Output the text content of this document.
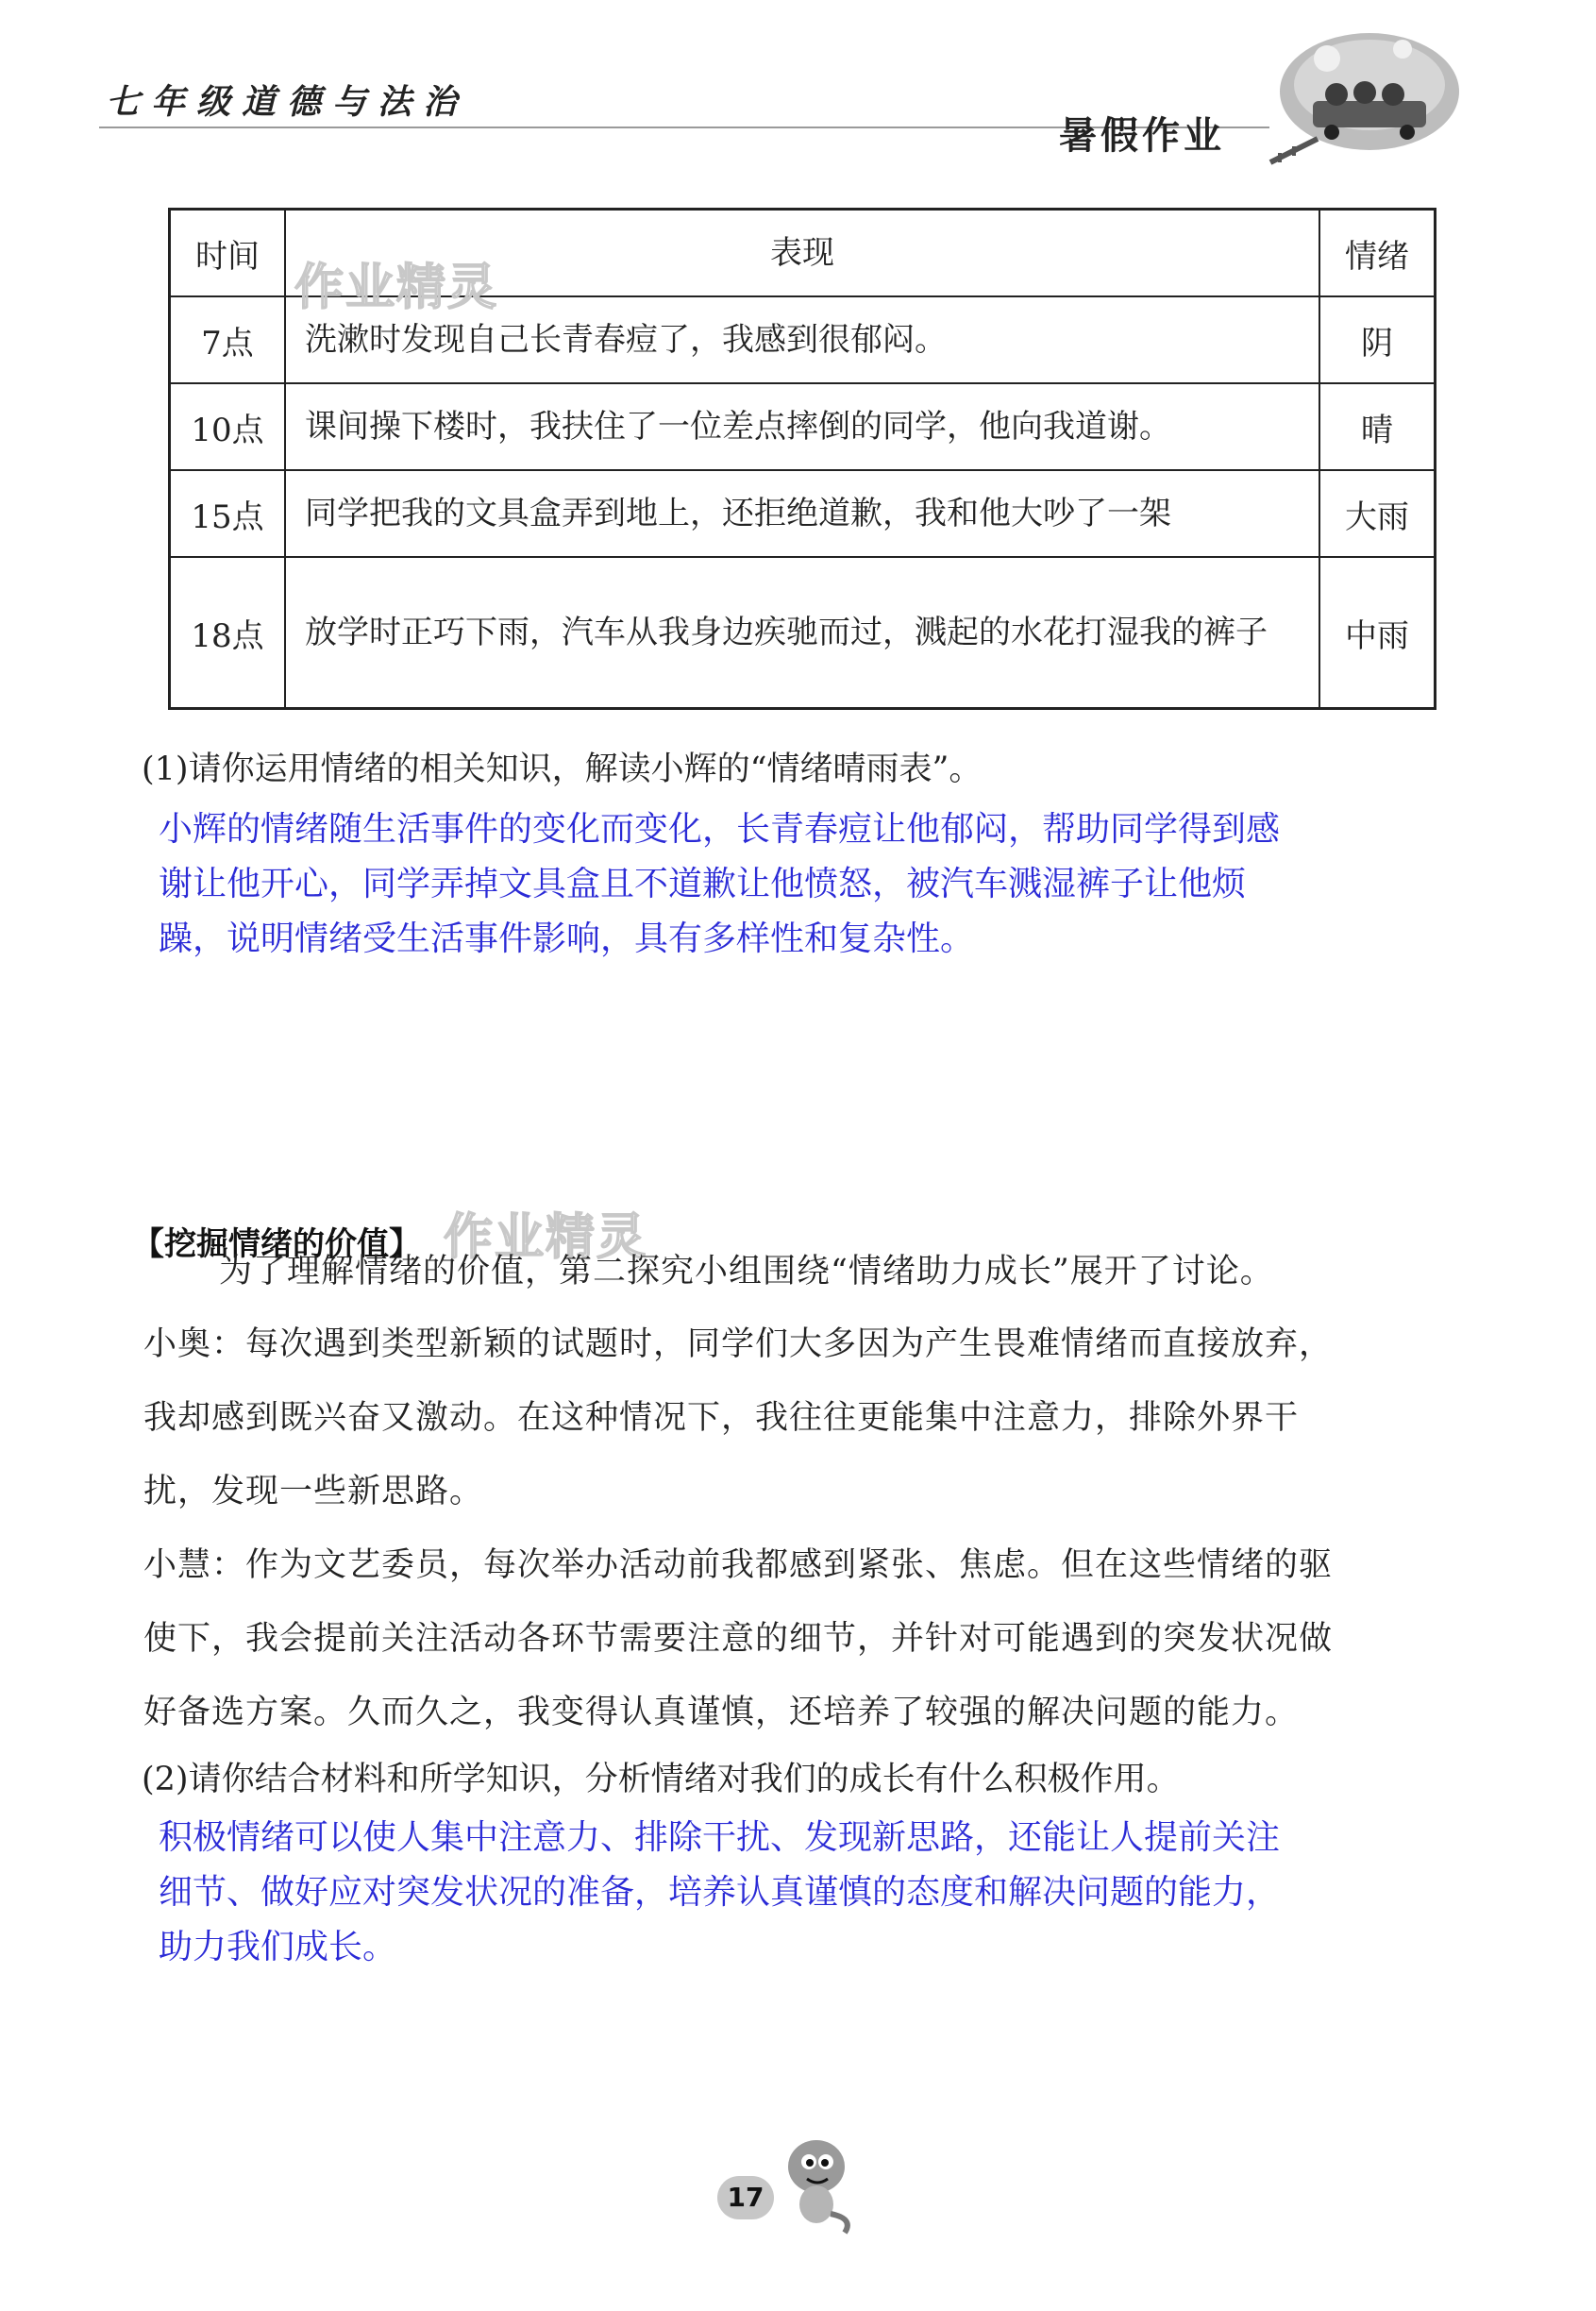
七年级道德与法治
暑假作业
时间	表现	情绪
7点	洗漱时发现自己长青春痘了，我感到很郁闷。	阴
10点	课间操下楼时，我扶住了一位差点摔倒的同学，他向我道谢。	晴
15点	同学把我的文具盒弄到地上，还拒绝道歉，我和他大吵了一架	大雨
18点	放学时正巧下雨，汽车从我身边疾驰而过，溅起的水花打湿我的裤子	中雨
作业精灵
(1)请你运用情绪的相关知识，解读小辉的“情绪晴雨表”。
小辉的情绪随生活事件的变化而变化，长青春痘让他郁闷，帮助同学得到感
谢让他开心，同学弄掉文具盒且不道歉让他愤怒，被汽车溅湿裤子让他烦
躁，说明情绪受生活事件影响，具有多样性和复杂性。
【挖掘情绪的价值】 作业精灵
为了理解情绪的价值，第二探究小组围绕“情绪助力成长”展开了讨论。
小奥：每次遇到类型新颖的试题时，同学们大多因为产生畏难情绪而直接放弃，
我却感到既兴奋又激动。在这种情况下，我往往更能集中注意力，排除外界干
扰，发现一些新思路。
小慧：作为文艺委员，每次举办活动前我都感到紧张、焦虑。但在这些情绪的驱
使下，我会提前关注活动各环节需要注意的细节，并针对可能遇到的突发状况做
好备选方案。久而久之，我变得认真谨慎，还培养了较强的解决问题的能力。
(2)请你结合材料和所学知识，分析情绪对我们的成长有什么积极作用。
积极情绪可以使人集中注意力、排除干扰、发现新思路，还能让人提前关注
细节、做好应对突发状况的准备，培养认真谨慎的态度和解决问题的能力，
助力我们成长。
17
